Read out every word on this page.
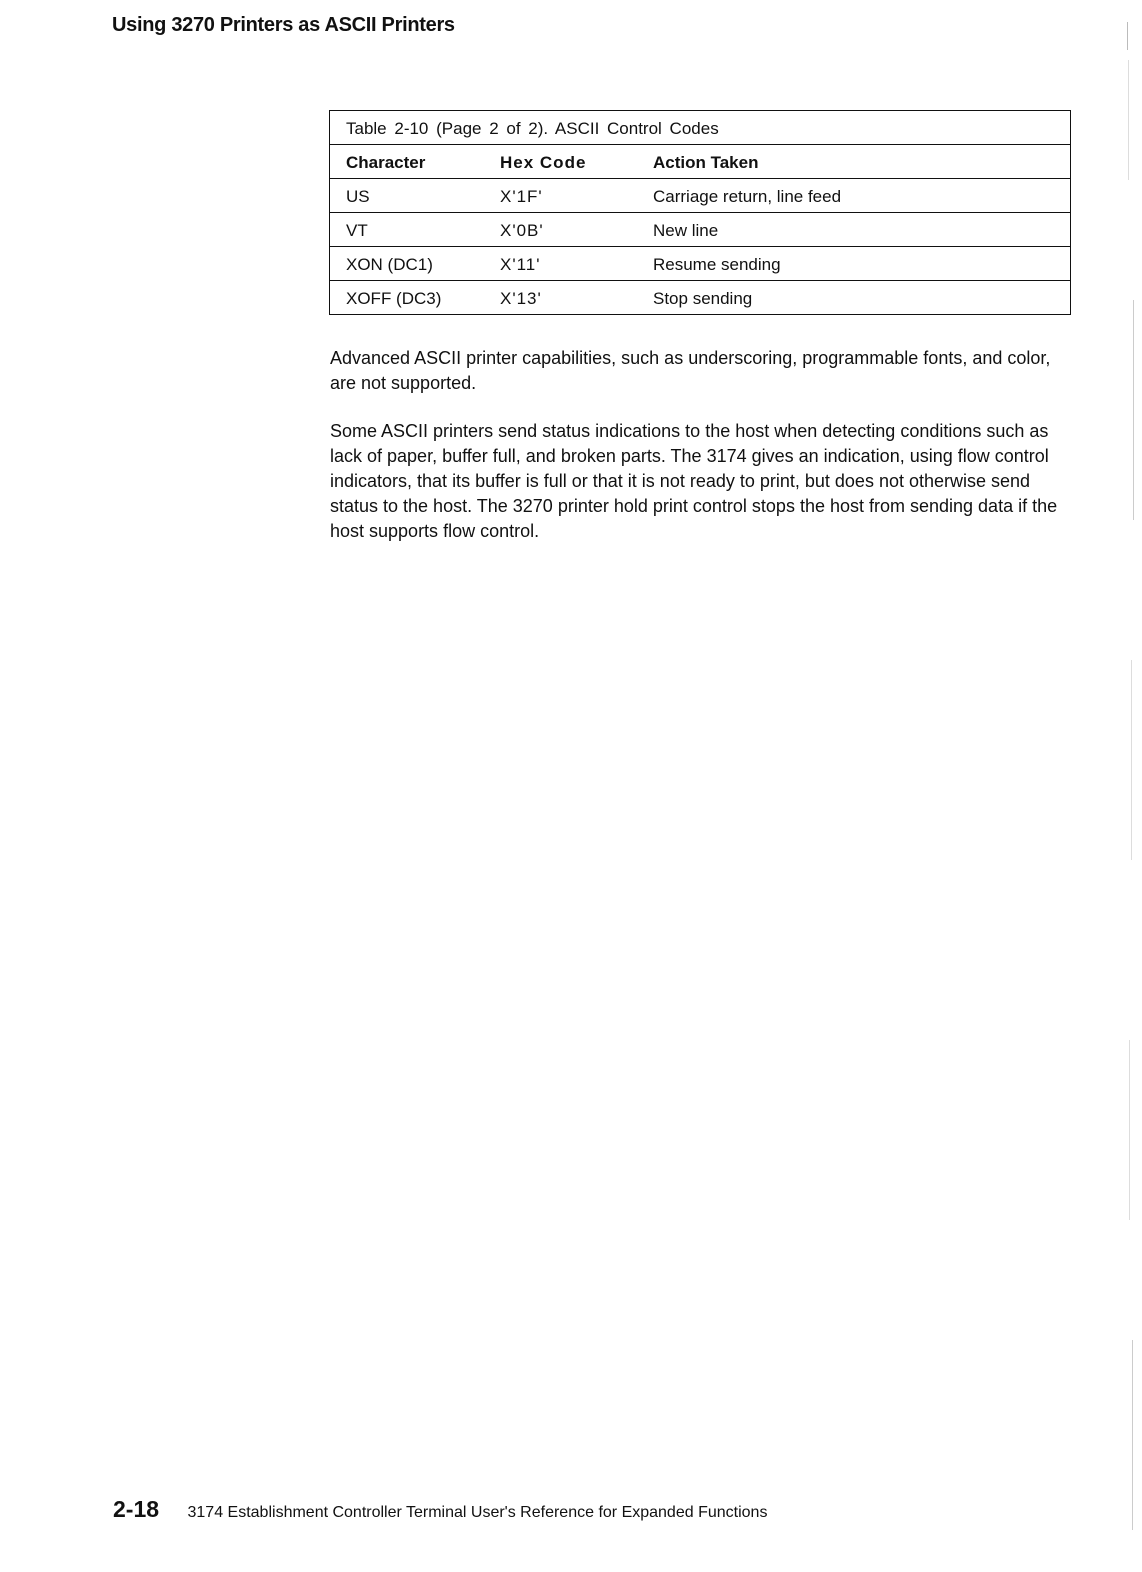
Using 3270 Printers as ASCII Printers
Table 2-10 (Page 2 of 2). ASCII Control Codes
Character	Hex Code	Action Taken
US	X'1F'	Carriage return, line feed
VT	X'0B'	New line
XON (DC1)	X'11'	Resume sending
XOFF (DC3)	X'13'	Stop sending

Advanced ASCII printer capabilities, such as underscoring, programmable fonts, and color, are not supported.

Some ASCII printers send status indications to the host when detecting conditions such as lack of paper, buffer full, and broken parts. The 3174 gives an indication, using flow control indicators, that its buffer is full or that it is not ready to print, but does not otherwise send status to the host. The 3270 printer hold print control stops the host from sending data if the host supports flow control.

2-18 3174 Establishment Controller Terminal User's Reference for Expanded Functions
